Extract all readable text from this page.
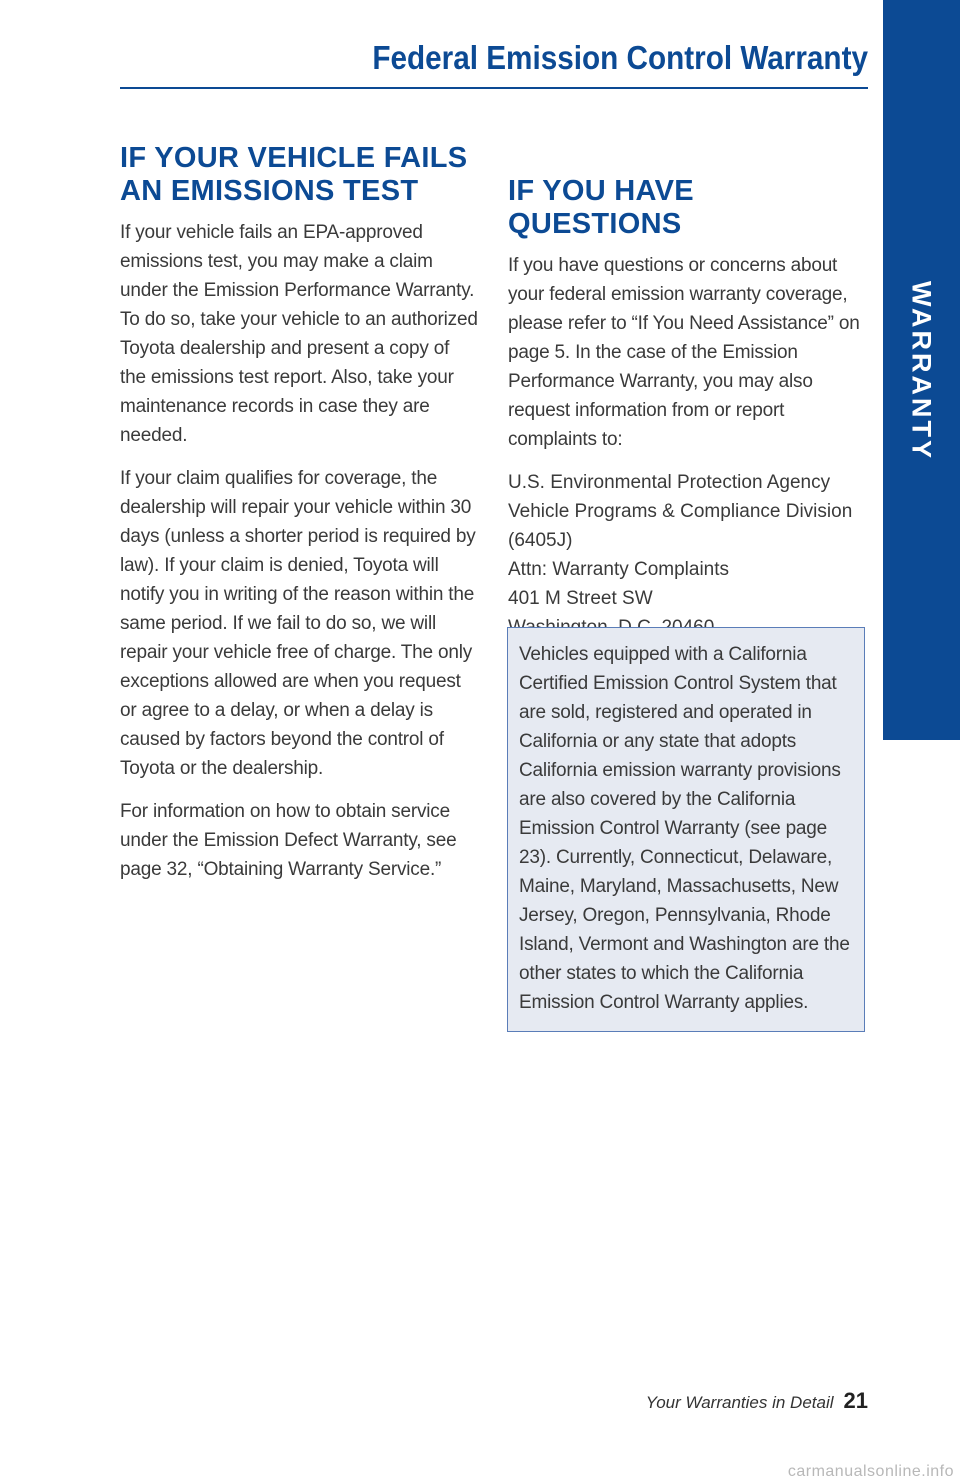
WARRANTY
Federal Emission Control Warranty
IF YOUR VEHICLE FAILS
AN EMISSIONS TEST

If your vehicle fails an EPA-approved emissions test, you may make a claim under the Emission Performance Warranty. To do so, take your vehicle to an authorized Toyota dealership and present a copy of the emissions test report. Also, take your maintenance records in case they are needed.

If your claim qualifies for coverage, the dealership will repair your vehicle within 30 days (unless a shorter period is required by law). If your claim is denied, Toyota will notify you in writing of the reason within the same period. If we fail to do so, we will repair your vehicle free of charge. The only exceptions allowed are when you request or agree to a delay, or when a delay is caused by factors beyond the control of Toyota or the dealership.

For information on how to obtain service under the Emission Defect Warranty, see page 32, “Obtaining Warranty Service.”

IF YOU HAVE QUESTIONS

If you have questions or concerns about your federal emission warranty coverage, please refer to “If You Need Assistance” on page 5. In the case of the Emission Performance Warranty, you may also request information from or report complaints to:

U.S. Environmental Protection Agency
Vehicle Programs & Compliance Division
(6405J)
Attn: Warranty Complaints
401 M Street SW

Vehicles equipped with a California Certified Emission Control System that are sold, registered and operated in California or any state that adopts California emission warranty provisions are also covered by the California Emission Control Warranty (see page 23). Currently, Connecticut, Delaware, Maine, Maryland, Massachusetts, New Jersey, Oregon, Pennsylvania, Rhode Island, Vermont and Washington are the other states to which the California Emission Control Warranty applies.

Your Warranties in Detail 21
carmanualsonline.info
